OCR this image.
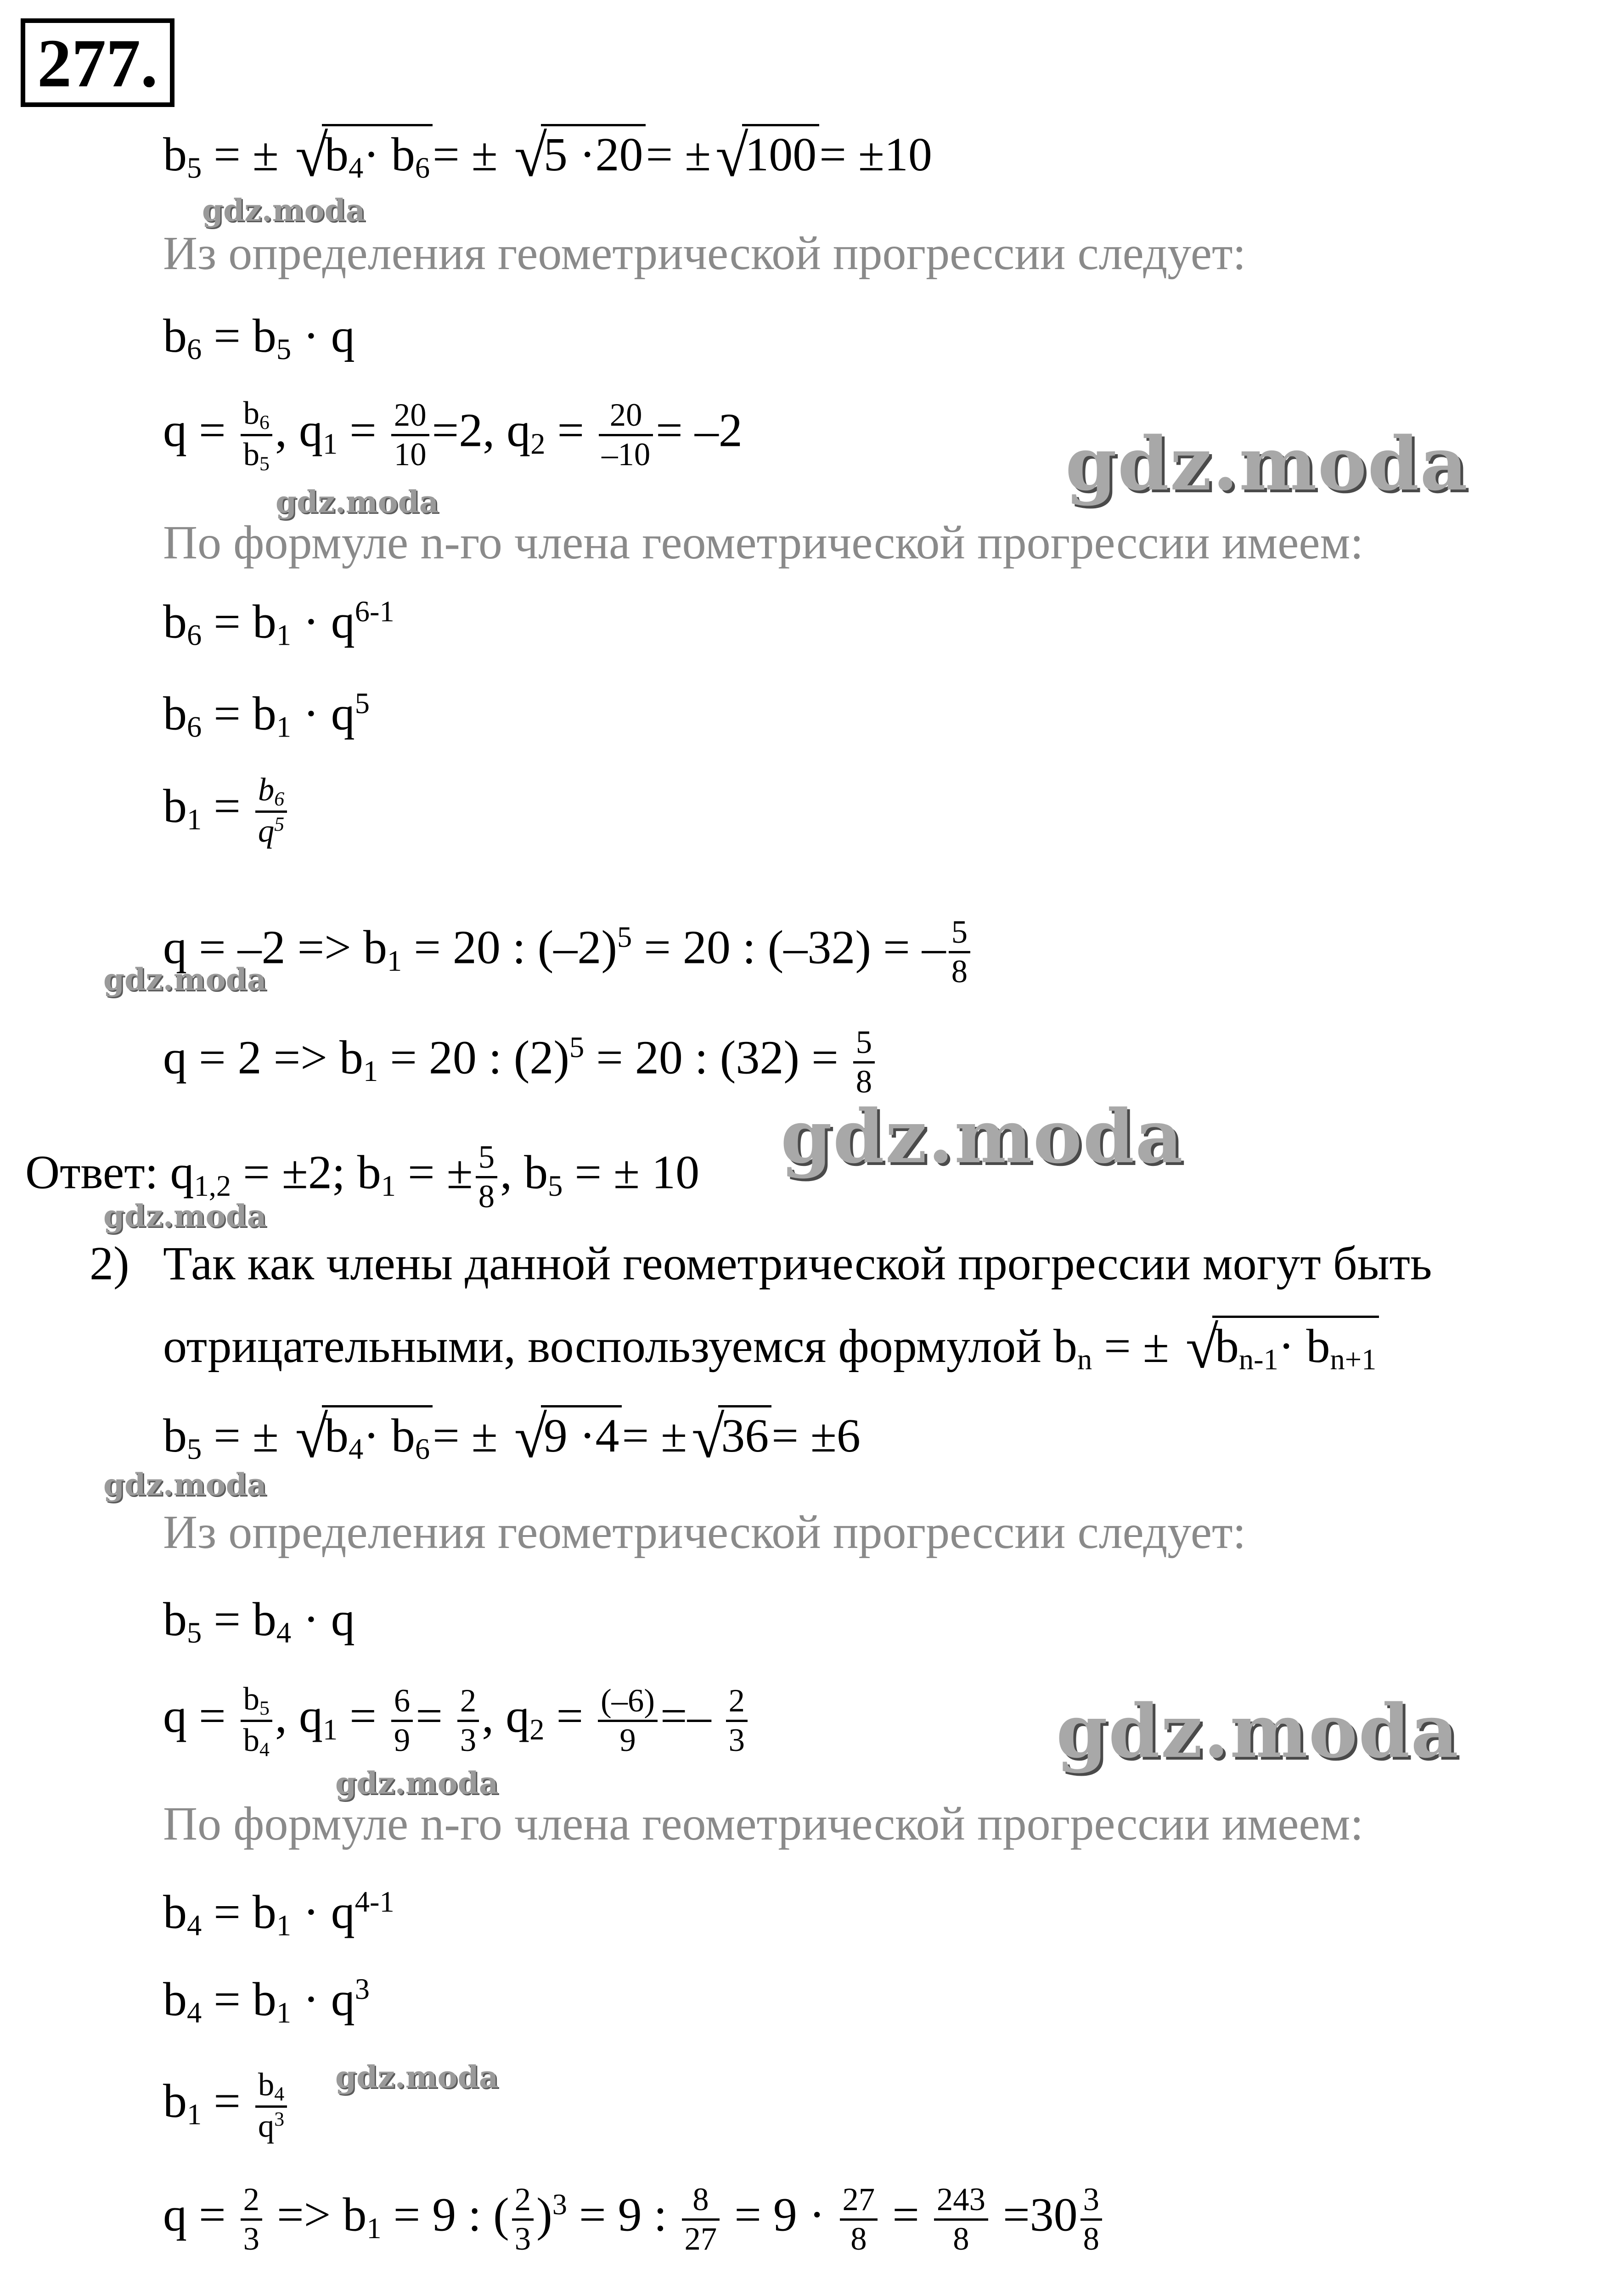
277.
$b_5$ = ± √ $b_4\cdot b_6=$ ± √ 5 ·20= ± √ 100= ±10
gdz.moda
Из определения геометрической прогрессии следует:
$b_6 = b_5 \cdot q$
$q = \frac{b_6}{b_5}$ , $q_1 = \frac{20}{10} =2$, $q_2 = \frac{20}{-10} = -2$	gdz.moda
gdz.moda
По формуле n-го члена геометрической прогрессии имеем:
$b_6 = b_1 \cdot q^{6-1}$
$b_6 = b_1 \cdot q^5$
$b_1 = \frac{b_6}{q^5}$
$q = -2 => b_1 = 20$ : $(-2)^5 = 20$ : (–32) = – $\frac{5}{8}$
gdz.moda
$q = 2 => b_1 = 20$ : $(2)^5 = 20$ : $(32) = \frac{5}{8}$
Ответ: $q_{1,2} = \pm 2$; $b_1$ = ± $\frac{5}{8}$ , $b_5$ = ± 10 gdz.moda
gdz.moda
2) Так как члены данной геометрической прогрессии могут быть
отрицательными, воспользуемся формулой $b_n$ = ± √ $b_{n-1}\cdot b_{n+1}$
$b_5$ = ± √ $b_4\cdot b_6=$ ± √ 9 ·4= ± √ 36= ±6
gdz.moda
Из определения геометрической прогрессии следует:
$b_5 = b_4 \cdot q$
$q = \frac{b_5}{b_4}$ , $q_1 = \frac{6}{9} = \frac{2}{3}$ , $q_2 = \frac{(-6)}{9} =- \frac{2}{3}$	gdz.moda
gdz.moda
По формуле n-го члена геометрической прогрессии имеем:
$b_4 = b_1 \cdot q^{4-1}$
$b_4 = b_1 \cdot q^3$
$b_1 = \frac{b_4}{q^3}$ gdz.moda
$q = \frac{2}{3} => b_1 = 9$ : ( $\frac{2}{3} )^3 = 9$ : $\frac{8}{27} = 9 \cdot \frac{27}{8} = \frac{243}{8} =30 \frac{3}{8}$
